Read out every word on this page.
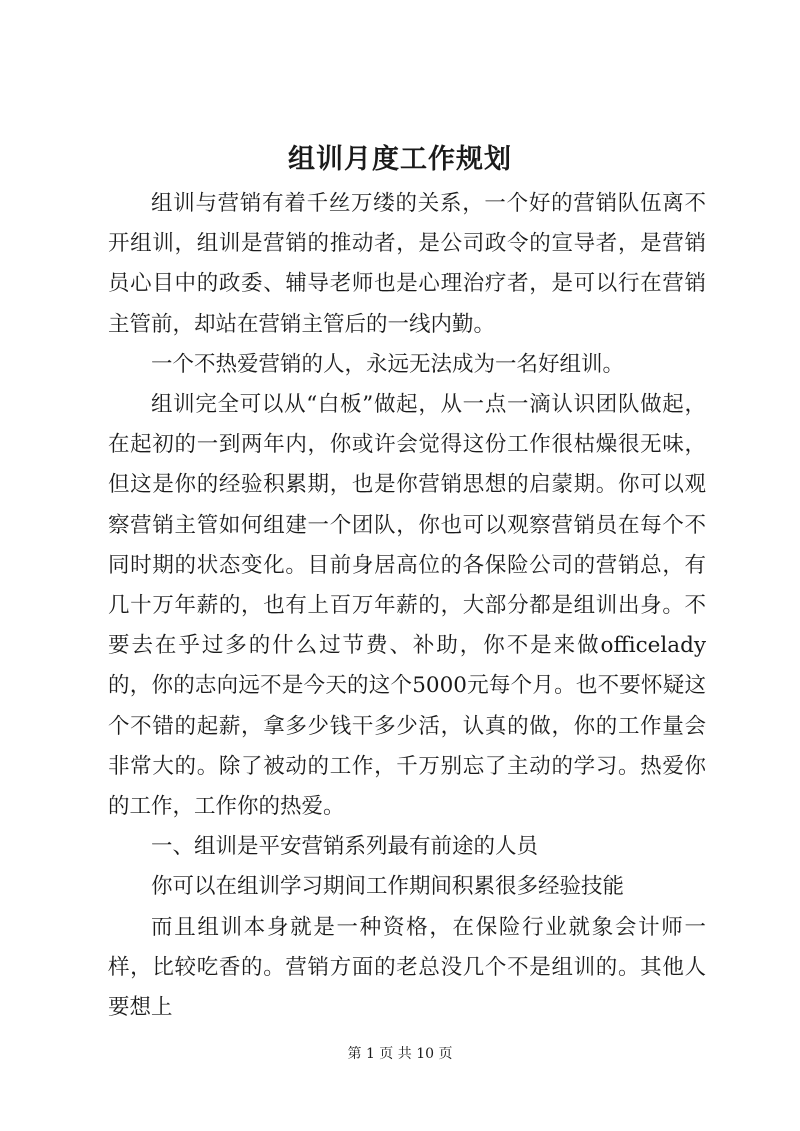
组训月度工作规划

组训与营销有着千丝万缕的关系，一个好的营销队伍离不开组训，组训是营销的推动者，是公司政令的宣导者，是营销员心目中的政委、辅导老师也是心理治疗者，是可以行在营销主管前，却站在营销主管后的一线内勤。

一个不热爱营销的人，永远无法成为一名好组训。

组训完全可以从“白板”做起，从一点一滴认识团队做起，在起初的一到两年内，你或许会觉得这份工作很枯燥很无味，但这是你的经验积累期，也是你营销思想的启蒙期。你可以观察营销主管如何组建一个团队，你也可以观察营销员在每个不同时期的状态变化。目前身居高位的各保险公司的营销总，有几十万年薪的，也有上百万年薪的，大部分都是组训出身。不要去在乎过多的什么过节费、补助，你不是来做officelady的，你的志向远不是今天的这个5000元每个月。也不要怀疑这个不错的起薪，拿多少钱干多少活，认真的做，你的工作量会非常大的。除了被动的工作，千万别忘了主动的学习。热爱你的工作，工作你的热爱。

一、组训是平安营销系列最有前途的人员

你可以在组训学习期间工作期间积累很多经验技能

而且组训本身就是一种资格，在保险行业就象会计师一样，比较吃香的。营销方面的老总没几个不是组训的。其他人要想上

第 1 页 共 10 页
